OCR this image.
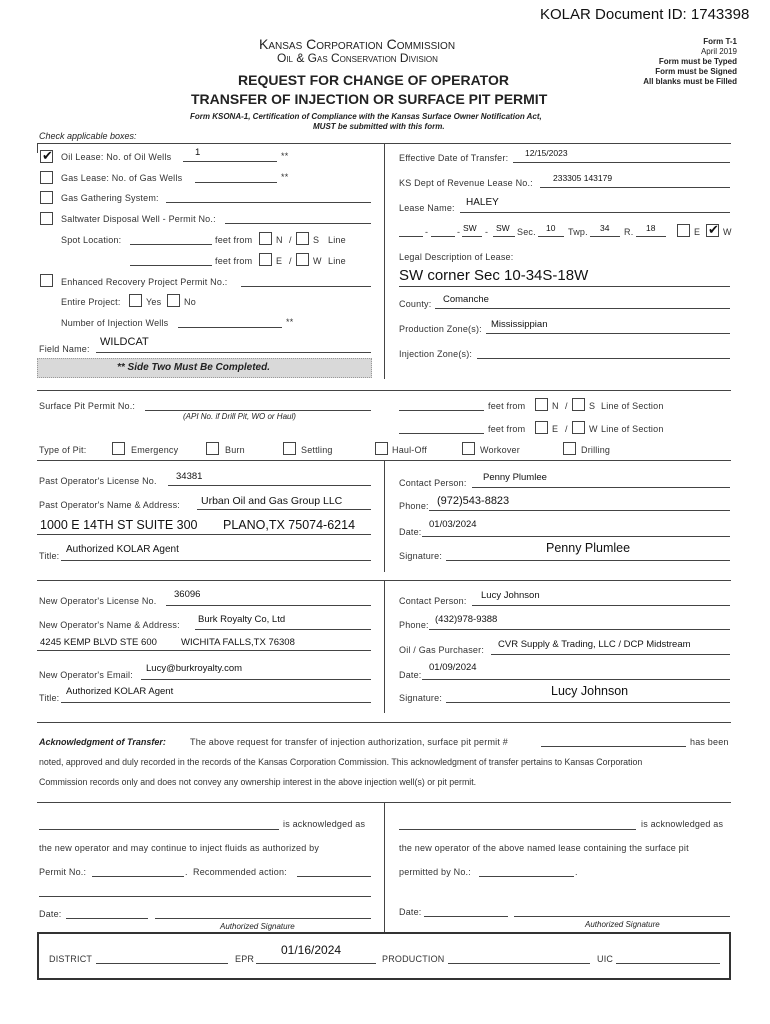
KOLAR Document ID: 1743398
Kansas Corporation Commission
Oil & Gas Conservation Division
REQUEST FOR CHANGE OF OPERATOR
TRANSFER OF INJECTION OR SURFACE PIT PERMIT
Form KSONA-1, Certification of Compliance with the Kansas Surface Owner Notification Act,
MUST be submitted with this form.
Form T-1
April 2019
Form must be Typed
Form must be Signed
All blanks must be Filled
Check applicable boxes:
✔
Oil Lease: No. of Oil Wells 1	**
Gas Lease: No. of Gas Wells	**
Gas Gathering System:
Saltwater Disposal Well - Permit No.:
Spot Location:	feet from	N / S Line
feet from	E / W Line
Enhanced Recovery Project Permit No.:
Entire Project:	Yes	No
Number of Injection Wells	**
Field Name:
WILDCAT
** Side Two Must Be Completed.
Effective Date of Transfer: 12/15/2023
KS Dept of Revenue Lease No.: 233305 143179
Lease Name: HALEY
-	- SW - SW Sec. 10 Twp. 34 R. 18	E
✔	W
Legal Description of Lease:
SW corner Sec 10-34S-18W
County: Comanche
Production Zone(s): Mississippian
Injection Zone(s):
Surface Pit Permit No.:
(API No. if Drill Pit, WO or Haul)
feet from	N / S Line of Section
feet from	E / W Line of Section
Type of Pit:	Emergency	Burn	Settling	Haul-Off	Workover	Drilling
Past Operator's License No. 34381
Past Operator's Name & Address: Urban Oil and Gas Group LLC
1000 E 14TH ST SUITE 300 PLANO,TX 75074-6214
Title:
Authorized KOLAR Agent
Contact Person: Penny Plumlee
Phone: (972)543-8823
Date:
01/03/2024
Signature:
Penny Plumlee
New Operator's License No.
36096
New Operator's Name & Address: Burk Royalty Co, Ltd
4245 KEMP BLVD STE 600	WICHITA FALLS,TX 76308
New Operator's Email:
Lucy@burkroyalty.com
Title:
Authorized KOLAR Agent
Contact Person: Lucy Johnson
Phone: (432)978-9388
Oil / Gas Purchaser: CVR Supply & Trading, LLC / DCP Midstream
Date:
01/09/2024
Signature:	Lucy Johnson
Acknowledgment of Transfer:	The above request for transfer of injection authorization, surface pit permit #	has been
noted, approved and duly recorded in the records of the Kansas Corporation Commission. This acknowledgment of transfer pertains to Kansas Corporation
Commission records only and does not convey any ownership interest in the above injection well(s) or pit permit.
is acknowledged as
the new operator and may continue to inject fluids as authorized by
Permit No.:	. Recommended action:
Date:
Authorized Signature
is acknowledged as
the new operator of the above named lease containing the surface pit
permitted by No.:	.
Date:
Authorized Signature
DISTRICT	EPR
01/16/2024
PRODUCTION	UIC
